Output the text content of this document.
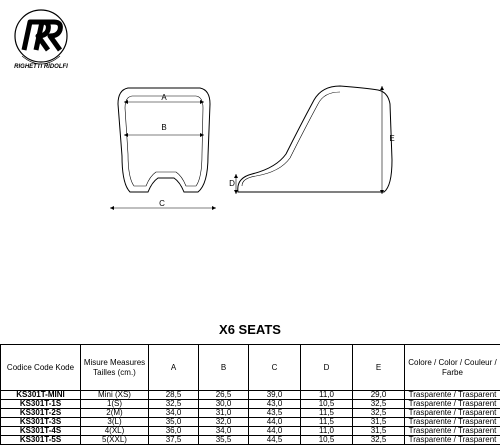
RIGHETTI RIDOLFI
A
B
C
D
E
X6 SEATS
Codice Code Kode	Misure Measures Tailles (cm.)	A	B	C	D	E	Colore / Color / Couleur / Farbe
KS301T-MINI	Mini (XS)	28,5	26,5	39,0	11,0	29,0	Trasparente / Trasparent
KS301T-1S	1(S)	32,5	30,0	43,0	10,5	32,5	Trasparente / Trasparent
KS301T-2S	2(M)	34,0	31,0	43,5	11,5	32,5	Trasparente / Trasparent
KS301T-3S	3(L)	35,0	32,0	44,0	11,5	31,5	Trasparente / Trasparent
KS301T-4S	4(XL)	36,0	34,0	44,0	11,0	31,5	Trasparente / Trasparent
KS301T-5S	5(XXL)	37,5	35,5	44,5	10,5	32,5	Trasparente / Trasparent
